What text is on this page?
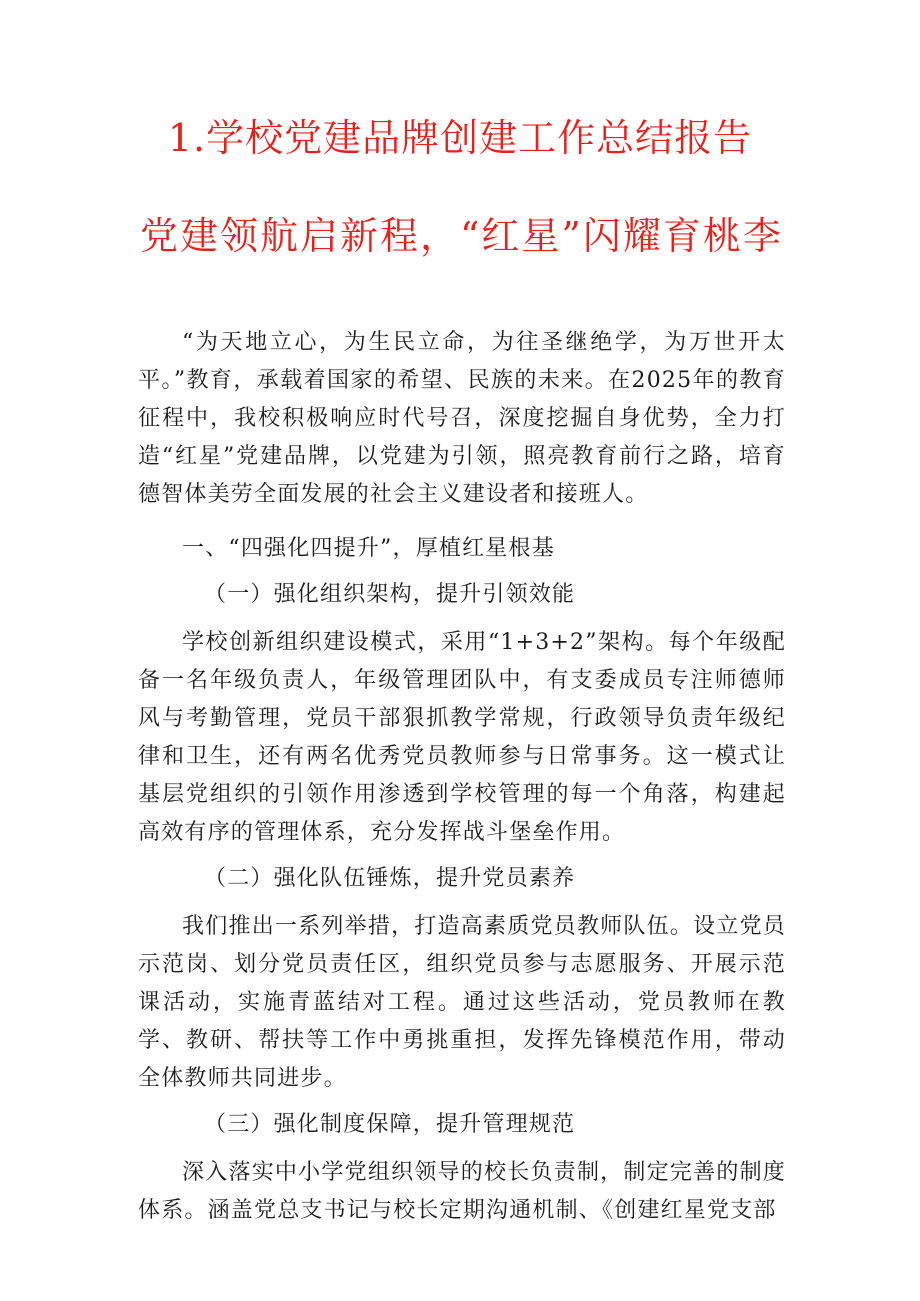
1.学校党建品牌创建工作总结报告
党建领航启新程，“红星”闪耀育桃李

“为天地立心，为生民立命，为往圣继绝学，为万世开太平。”教育，承载着国家的希望、民族的未来。在2025年的教育征程中，我校积极响应时代号召，深度挖掘自身优势，全力打造“红星”党建品牌，以党建为引领，照亮教育前行之路，培育德智体美劳全面发展的社会主义建设者和接班人。

一、“四强化四提升”，厚植红星根基

（一）强化组织架构，提升引领效能

学校创新组织建设模式，采用“1+3+2”架构。每个年级配备一名年级负责人，年级管理团队中，有支委成员专注师德师风与考勤管理，党员干部狠抓教学常规，行政领导负责年级纪律和卫生，还有两名优秀党员教师参与日常事务。这一模式让基层党组织的引领作用渗透到学校管理的每一个角落，构建起高效有序的管理体系，充分发挥战斗堡垒作用。

（二）强化队伍锤炼，提升党员素养

我们推出一系列举措，打造高素质党员教师队伍。设立党员示范岗、划分党员责任区，组织党员参与志愿服务、开展示范课活动，实施青蓝结对工程。通过这些活动，党员教师在教学、教研、帮扶等工作中勇挑重担，发挥先锋模范作用，带动全体教师共同进步。

（三）强化制度保障，提升管理规范

深入落实中小学党组织领导的校长负责制，制定完善的制度体系。涵盖党总支书记与校长定期沟通机制、《创建红星党支部
